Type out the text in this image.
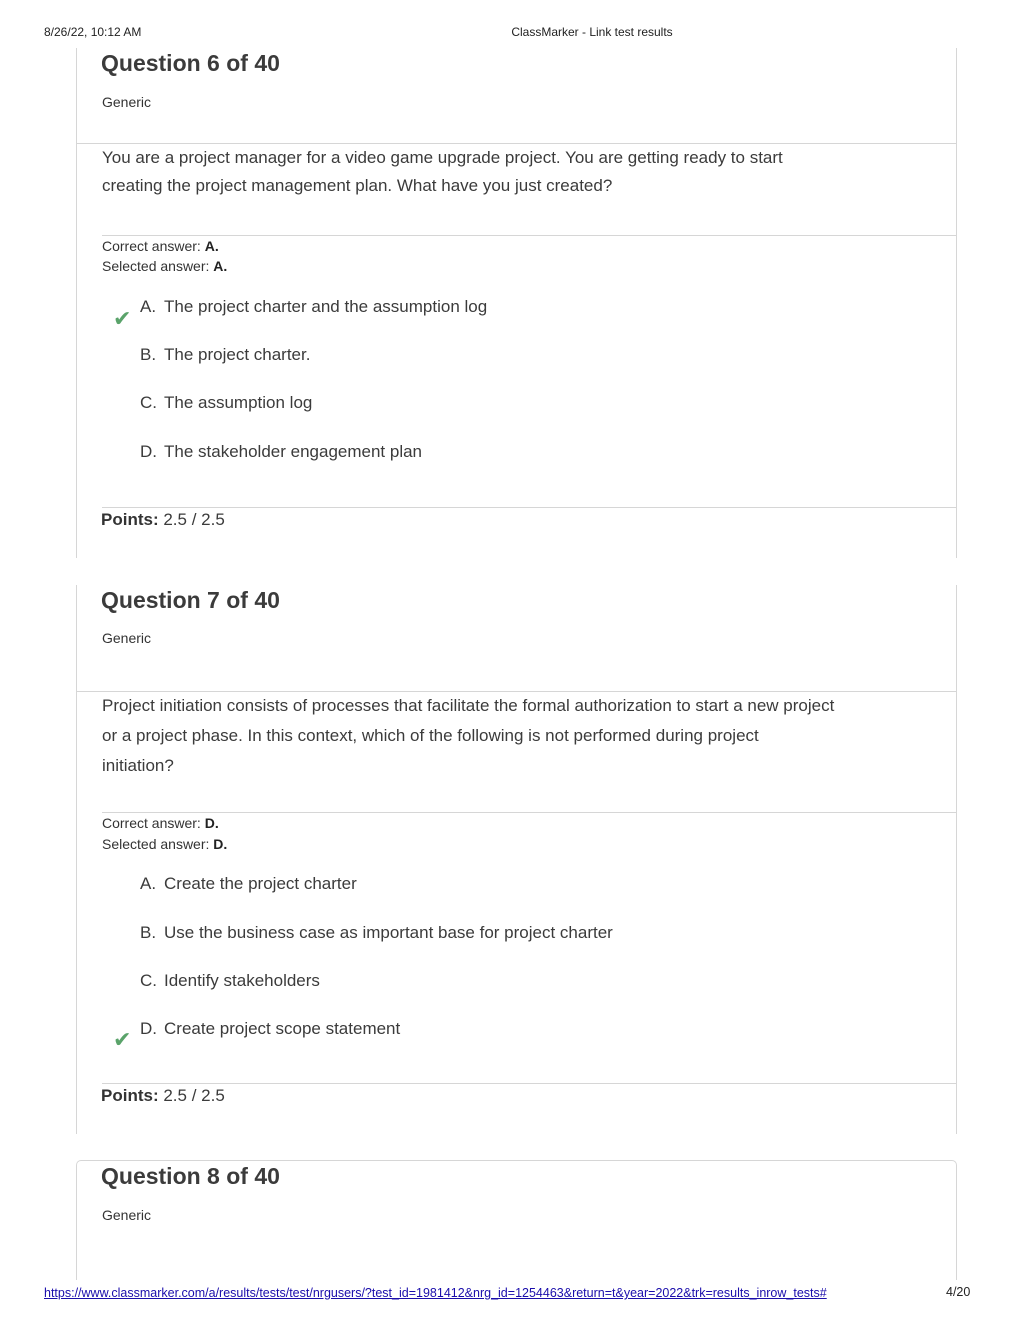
8/26/22, 10:12 AM	ClassMarker - Link test results
Question 6 of 40
Generic
You are a project manager for a video game upgrade project. You are getting ready to start
creating the project management plan. What have you just created?
Correct answer: A.
Selected answer: A.
✔ A. The project charter and the assumption log
B. The project charter.
C. The assumption log
D. The stakeholder engagement plan
Points: 2.5 / 2.5
Question 7 of 40
Generic
Project initiation consists of processes that facilitate the formal authorization to start a new project
or a project phase. In this context, which of the following is not performed during project
initiation?
Correct answer: D.
Selected answer: D.
A. Create the project charter
B. Use the business case as important base for project charter
C. Identify stakeholders
✔ D. Create project scope statement
Points: 2.5 / 2.5
Question 8 of 40
Generic
https://www.classmarker.com/a/results/tests/test/nrgusers/?test_id=1981412&nrg_id=1254463&return=t&year=2022&trk=results_inrow_tests#	4/20
